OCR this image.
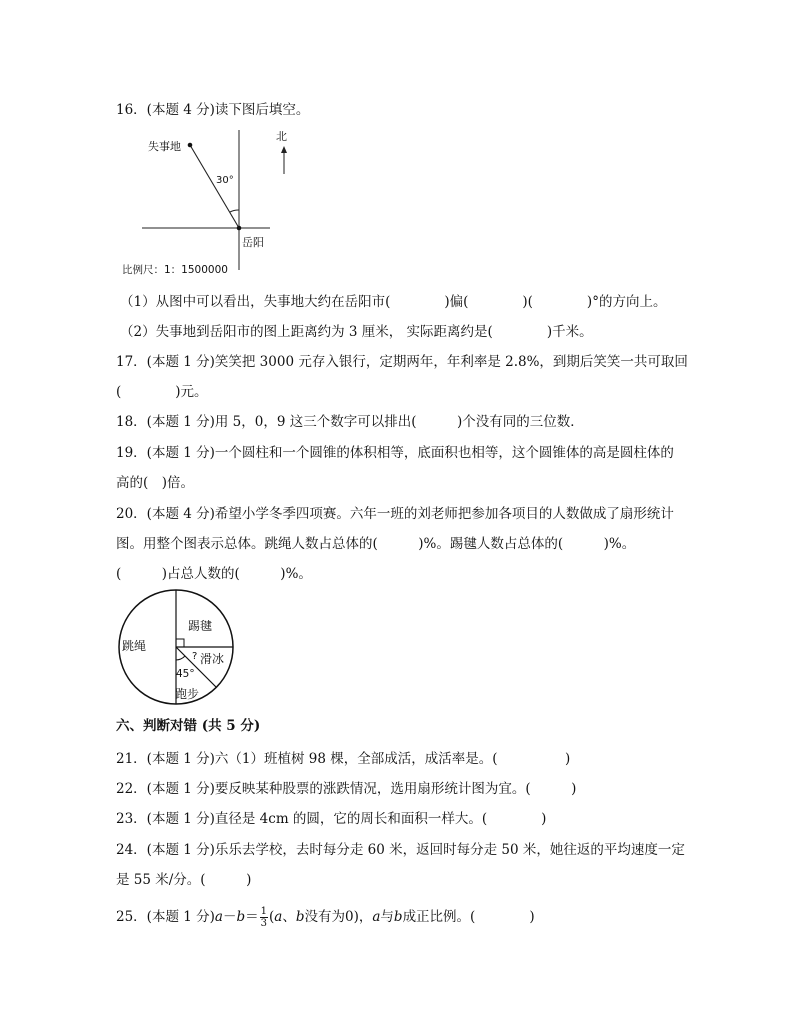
16．(本题 4 分)读下图后填空。
失事地
北
30°
岳阳
比例尺：1：1500000
（1）从图中可以看出，失事地大约在岳阳市(　　　　)偏(　　　　)(　　　　)°的方向上。
（2）失事地到岳阳市的图上距离约为 3 厘米， 实际距离约是(　　　　)千米。
17．(本题 1 分)笑笑把 3000 元存入银行，定期两年，年利率是 2.8%，到期后笑笑一共可取回
(　　　　)元。
18．(本题 1 分)用 5，0，9 这三个数字可以排出(　　　)个没有同的三位数．
19．(本题 1 分)一个圆柱和一个圆锥的体积相等，底面积也相等，这个圆锥体的高是圆柱体的
高的(　)倍。
20．(本题 4 分)希望小学冬季四项赛。六年一班的刘老师把参加各项目的人数做成了扇形统计
图。用整个图表示总体。跳绳人数占总体的(　　　)%。踢毽人数占总体的(　　　)%。
(　　　)占总人数的(　　　)%。
跳绳
踢毽
? 滑冰
45°
跑步
六、判断对错 (共 5 分)
21．(本题 1 分)六（1）班植树 98 棵，全部成活，成活率是。(　　　　　)
22．(本题 1 分)要反映某种股票的涨跌情况，选用扇形统计图为宜。(　　　)
23．(本题 1 分)直径是 4cm 的圆，它的周长和面积一样大。(　　　　)
24．(本题 1 分)乐乐去学校，去时每分走 60 米，返回时每分走 50 米，她往返的平均速度一定
是 55 米/分。(　　　)
25．(本题 1 分)$a-b= \frac{1}{3} (a$、b没有为0)，a与b成正比例。(　　　　)
